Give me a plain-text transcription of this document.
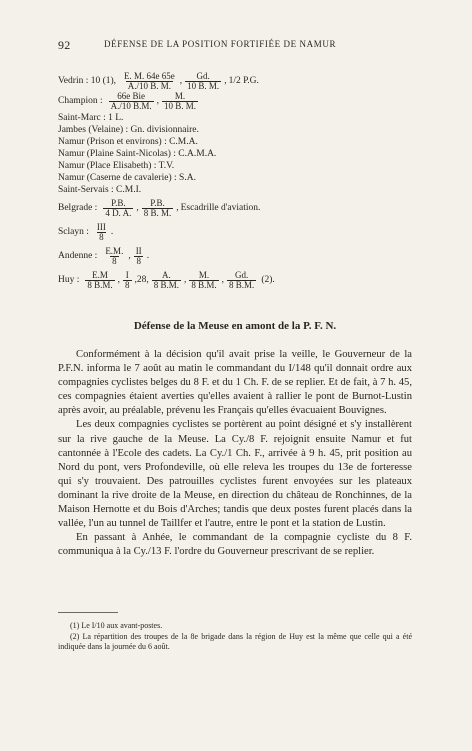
92	DÉFENSE DE LA POSITION FORTIFIÉE DE NAMUR
Vedrin : 10 (1), $\frac{E. M. 64e 65e}{A./10 B. M.}$ , $\frac{Gd.}{10 B. M.}$ , 1/2 P.G.
Champion : $\frac{\text{66e Bie}}{A./10 B.M.}$ , $\frac{M.}{10 B. M.}$
Saint-Marc : 1 L.
Jambes (Velaine) : Gn. divisionnaire.
Namur (Prison et environs) : C.M.A.
Namur (Plaine Saint-Nicolas) : C.A.M.A.
Namur (Place Elisabeth) : T.V.
Namur (Caserne de cavalerie) : S.A.
Saint-Servais : C.M.I.
Belgrade : $\frac{P.B.}{4 D. A.}$ , $\frac{P.B.}{8 B. M.}$ , Escadrille d'aviation.
Sclayn : $\frac{\text{III}}{8}$ .
Andenne : $\frac{E.M.}{8}$ , $\frac{II}{8}$ .
Huy : $\frac{E.M}{8 B.M.}$ , $\frac{I}{8}$ , 28, $\frac{A.}{8 B.M.}$ , $\frac{M.}{8 B.M.}$ , $\frac{Gd.}{8 B.M.} (2)$.
Défense de la Meuse en amont de la P. F. N.

Conformément à la décision qu'il avait prise la veille, le Gouverneur de la P.F.N. informa le 7 août au matin le commandant du I/148 qu'il donnait ordre aux compagnies cyclistes belges du 8 F. et du 1 Ch. F. de se replier. Et de fait, à 7 h. 45, ces compagnies étaient averties qu'elles avaient à rallier le pont de Burnot-Lustin après avoir, au préalable, prévenu les Français qu'elles évacuaient Bouvignes.

Les deux compagnies cyclistes se portèrent au point désigné et s'y installèrent sur la rive gauche de la Meuse. La Cy./8 F. rejoignit ensuite Namur et fut cantonnée à l'Ecole des cadets. La Cy./1 Ch. F., arrivée à 9 h. 45, prit position au Nord du pont, vers Profondeville, où elle releva les troupes du 13e de forteresse qui s'y trouvaient. Des patrouilles cyclistes furent envoyées sur les plateaux dominant la rive droite de la Meuse, en direction du château de Ronchinnes, de la Maison Hernotte et du Bois d'Arches; tandis que deux postes furent placés dans la vallée, l'un au tunnel de Taillfer et l'autre, entre le pont et la station de Lustin.

En passant à Anhée, le commandant de la compagnie cycliste du 8 F. communiqua à la Cy./13 F. l'ordre du Gouverneur prescrivant de se replier.

(1) Le I/10 aux avant-postes.

(2) La répartition des troupes de la 8e brigade dans la région de Huy est la même que celle qui a été indiquée dans la journée du 6 août.
